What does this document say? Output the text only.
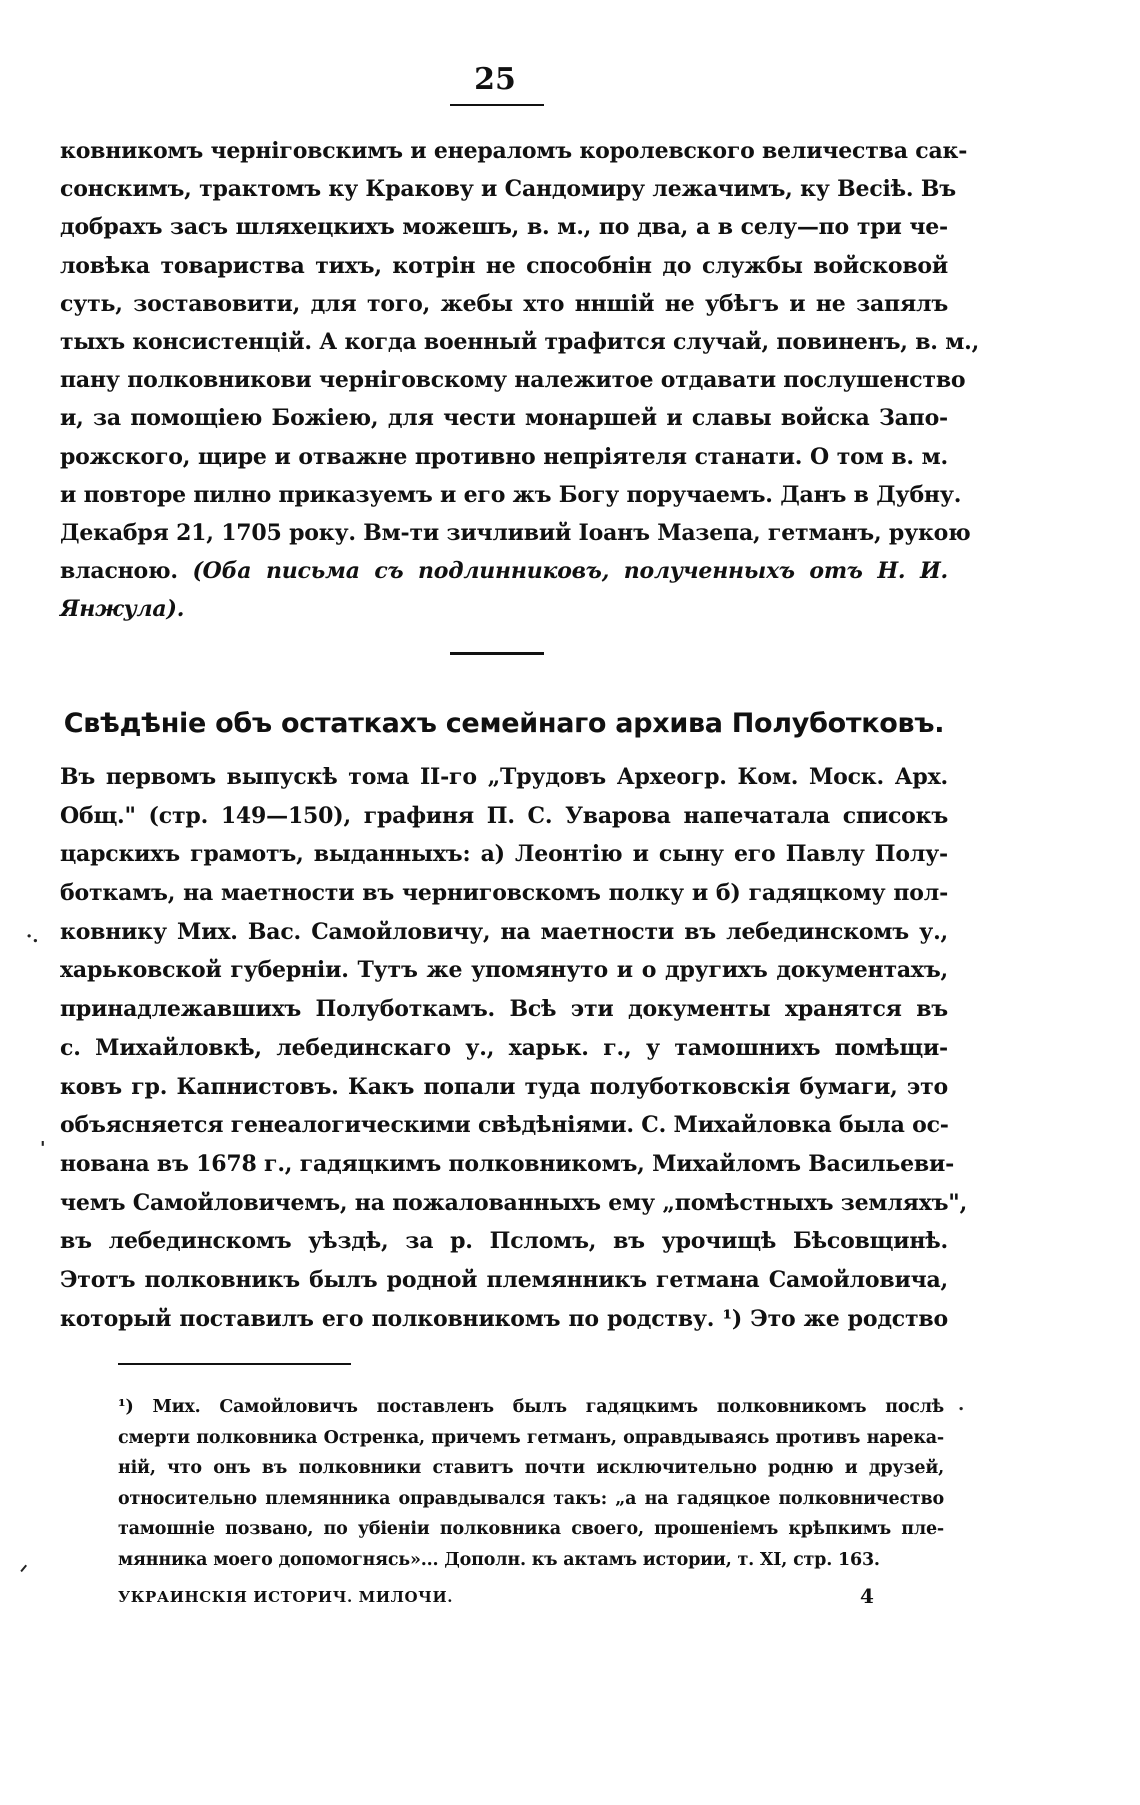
25
ковникомъ черніговскимъ и енераломъ королевского величества сак-
сонскимъ, трактомъ ку Кракову и Сандомиру лежачимъ, ку Весіѣ. Въ
добрахъ засъ шляхецкихъ можешъ, в. м., по два, а в селу—по три че-
ловѣка товариства тихъ, котрін не способнін до службы войсковой
суть, зоставовити, для того, жебы хто нншій не убѣгъ и не запялъ
тыхъ консистенцій. А когда военный трафится случай, повиненъ, в. м.,
пану полковникови черніговскому належитое отдавати послушенство
и, за помощіею Божіею, для чести монаршей и славы войска Запо-
рожского, щире и отважне противно непріятеля станати. О том в. м.
и повторе пилно приказуемъ и его жъ Богу поручаемъ. Данъ в Дубну.
Декабря 21, 1705 року. Вм-ти зичливий Іоанъ Мазепа, гетманъ, рукою
власною. (Оба письма съ подлинниковъ, полученныхъ отъ Н. И.
Янжула).
Свѣдѣніе объ остаткахъ семейнаго архива Полуботковъ.
Въ первомъ выпускѣ тома II-го „Трудовъ Археогр. Ком. Моск. Арх.
Общ." (стр. 149—150), графиня П. С. Уварова напечатала списокъ
царскихъ грамотъ, выданныхъ: а) Леонтію и сыну его Павлу Полу-
боткамъ, на маетности въ черниговскомъ полку и б) гадяцкому пол-
ковнику Мих. Вас. Самойловичу, на маетности въ лебединскомъ у.,
харьковской губерніи. Тутъ же упомянуто и о другихъ документахъ,
принадлежавшихъ Полуботкамъ. Всѣ эти документы хранятся въ
с. Михайловкѣ, лебединскаго у., харьк. г., у тамошнихъ помѣщи-
ковъ гр. Капнистовъ. Какъ попали туда полуботковскія бумаги, это
объясняется генеалогическими свѣдѣніями. С. Михайловка была ос-
нована въ 1678 г., гадяцкимъ полковникомъ, Михайломъ Васильеви-
чемъ Самойловичемъ, на пожалованныхъ ему „помѣстныхъ земляхъ",
въ лебединскомъ уѣздѣ, за р. Псломъ, въ урочищѣ Бѣсовщинѣ.
Этотъ полковникъ былъ родной племянникъ гетмана Самойловича,
который поставилъ его полковникомъ по родству. ¹) Это же родство
¹) Мих. Самойловичъ поставленъ былъ гадяцкимъ полковникомъ послѣ
смерти полковника Остренка, причемъ гетманъ, оправдываясь противъ нарека-
ній, что онъ въ полковники ставитъ почти исключительно родню и друзей,
относительно племянника оправдывался такъ: „а на гадяцкое полковничество
тамошніе позвано, по убіеніи полковника своего, прошеніемъ крѣпкимъ пле-
мянника моего допомогнясь»... Дополн. къ актамъ истории, т. XI, стр. 163.
УКРАИНСКІЯ ИСТОРИЧ. МИЛОЧИ.	4
·.
'
.
ᐟ
